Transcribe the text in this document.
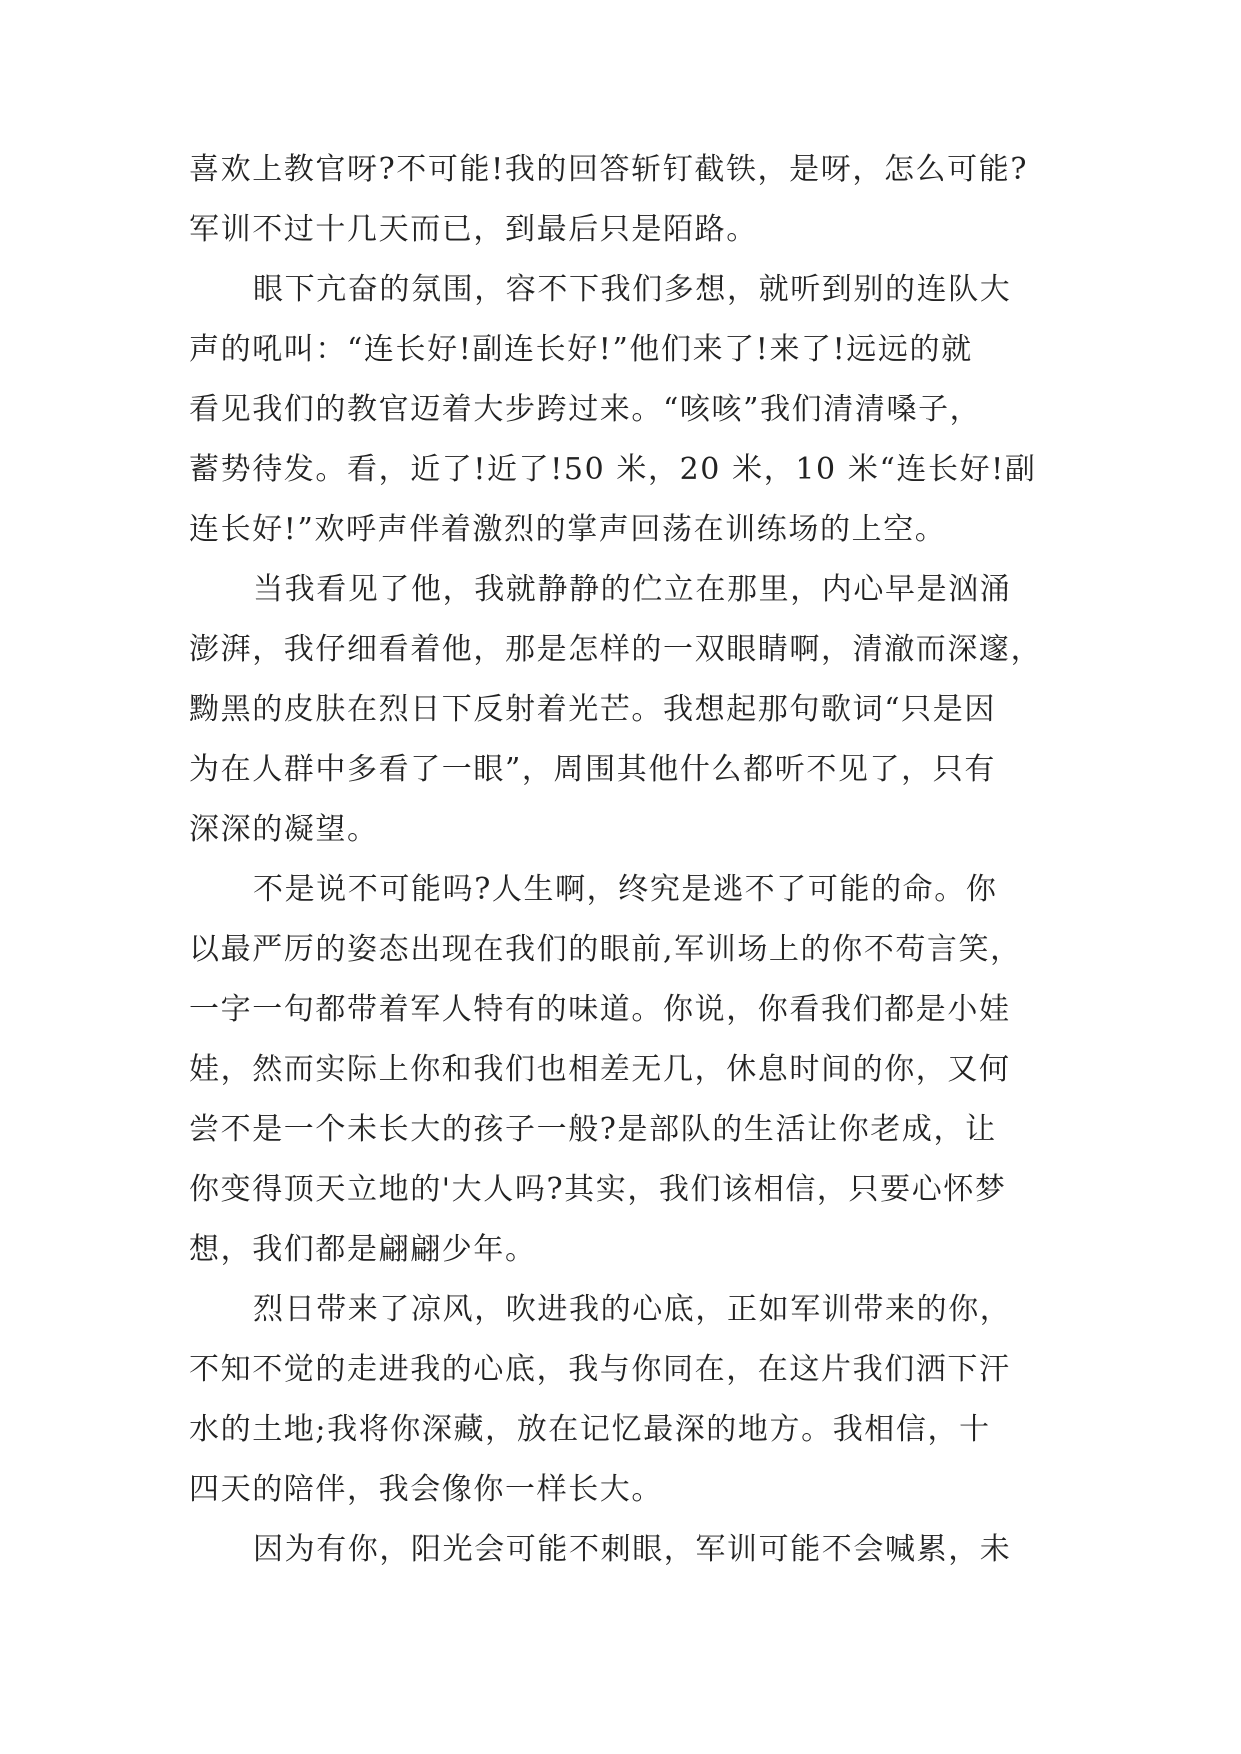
喜欢上教官呀?不可能!我的回答斩钉截铁，是呀，怎么可能?
军训不过十几天而已，到最后只是陌路。
眼下亢奋的氛围，容不下我们多想，就听到别的连队大
声的吼叫：“连长好!副连长好!”他们来了!来了!远远的就
看见我们的教官迈着大步跨过来。“咳咳”我们清清嗓子，
蓄势待发。看，近了!近了!50 米，20 米，10 米“连长好!副
连长好!”欢呼声伴着激烈的掌声回荡在训练场的上空。
当我看见了他，我就静静的伫立在那里，内心早是汹涌
澎湃，我仔细看着他，那是怎样的一双眼睛啊，清澈而深邃，
黝黑的皮肤在烈日下反射着光芒。我想起那句歌词“只是因
为在人群中多看了一眼”，周围其他什么都听不见了，只有
深深的凝望。
不是说不可能吗?人生啊，终究是逃不了可能的命。你
以最严厉的姿态出现在我们的眼前,军训场上的你不苟言笑，
一字一句都带着军人特有的味道。你说，你看我们都是小娃
娃，然而实际上你和我们也相差无几，休息时间的你，又何
尝不是一个未长大的孩子一般?是部队的生活让你老成，让
你变得顶天立地的'大人吗?其实，我们该相信，只要心怀梦
想，我们都是翩翩少年。
烈日带来了凉风，吹进我的心底，正如军训带来的你，
不知不觉的走进我的心底，我与你同在，在这片我们洒下汗
水的土地;我将你深藏，放在记忆最深的地方。我相信，十
四天的陪伴，我会像你一样长大。
因为有你，阳光会可能不刺眼，军训可能不会喊累，未
